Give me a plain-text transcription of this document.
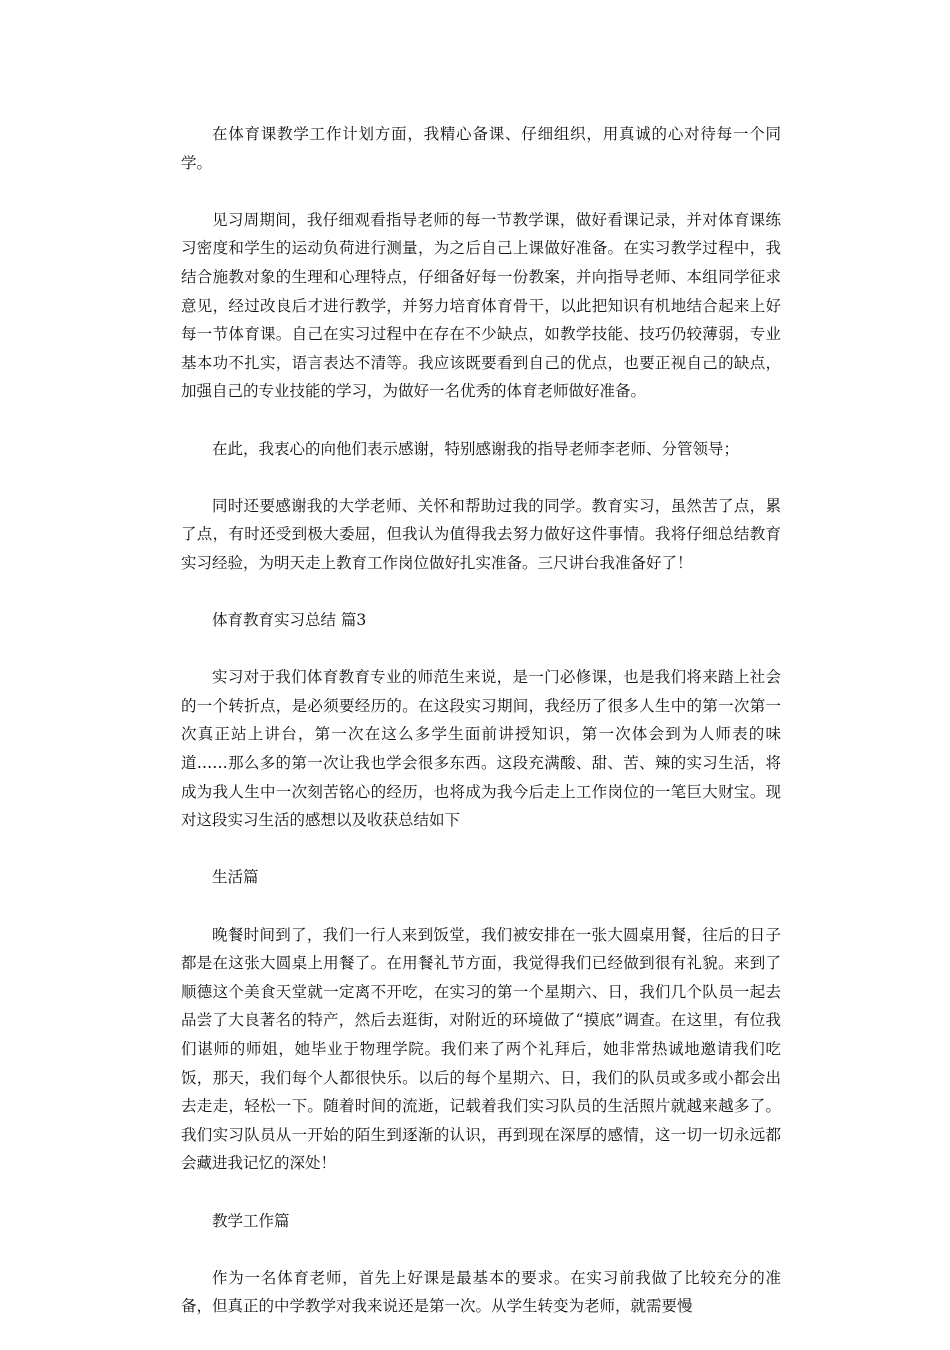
在体育课教学工作计划方面，我精心备课、仔细组织，用真诚的心对待每一个同学。

见习周期间，我仔细观看指导老师的每一节教学课，做好看课记录，并对体育课练习密度和学生的运动负荷进行测量，为之后自己上课做好准备。在实习教学过程中，我结合施教对象的生理和心理特点，仔细备好每一份教案，并向指导老师、本组同学征求意见，经过改良后才进行教学，并努力培育体育骨干，以此把知识有机地结合起来上好每一节体育课。自己在实习过程中在存在不少缺点，如教学技能、技巧仍较薄弱，专业基本功不扎实，语言表达不清等。我应该既要看到自己的优点，也要正视自己的缺点，加强自己的专业技能的学习，为做好一名优秀的体育老师做好准备。

在此，我衷心的向他们表示感谢，特别感谢我的指导老师李老师、分管领导；

同时还要感谢我的大学老师、关怀和帮助过我的同学。教育实习，虽然苦了点，累了点，有时还受到极大委屈，但我认为值得我去努力做好这件事情。我将仔细总结教育实习经验，为明天走上教育工作岗位做好扎实准备。三尺讲台我准备好了！

体育教育实习总结 篇3

实习对于我们体育教育专业的师范生来说，是一门必修课，也是我们将来踏上社会的一个转折点，是必须要经历的。在这段实习期间，我经历了很多人生中的第一次第一次真正站上讲台，第一次在这么多学生面前讲授知识，第一次体会到为人师表的味道……那么多的第一次让我也学会很多东西。这段充满酸、甜、苦、辣的实习生活，将成为我人生中一次刻苦铭心的经历，也将成为我今后走上工作岗位的一笔巨大财宝。现对这段实习生活的感想以及收获总结如下

生活篇

晚餐时间到了，我们一行人来到饭堂，我们被安排在一张大圆桌用餐，往后的日子都是在这张大圆桌上用餐了。在用餐礼节方面，我觉得我们已经做到很有礼貌。来到了顺德这个美食天堂就一定离不开吃，在实习的第一个星期六、日，我们几个队员一起去品尝了大良著名的特产，然后去逛街，对附近的环境做了“摸底”调查。在这里，有位我们谌师的师姐，她毕业于物理学院。我们来了两个礼拜后，她非常热诚地邀请我们吃饭，那天，我们每个人都很快乐。以后的每个星期六、日，我们的队员或多或小都会出去走走，轻松一下。随着时间的流逝，记载着我们实习队员的生活照片就越来越多了。我们实习队员从一开始的陌生到逐渐的认识，再到现在深厚的感情，这一切一切永远都会藏进我记忆的深处！

教学工作篇

作为一名体育老师，首先上好课是最基本的要求。在实习前我做了比较充分的准备，但真正的中学教学对我来说还是第一次。从学生转变为老师，就需要慢
